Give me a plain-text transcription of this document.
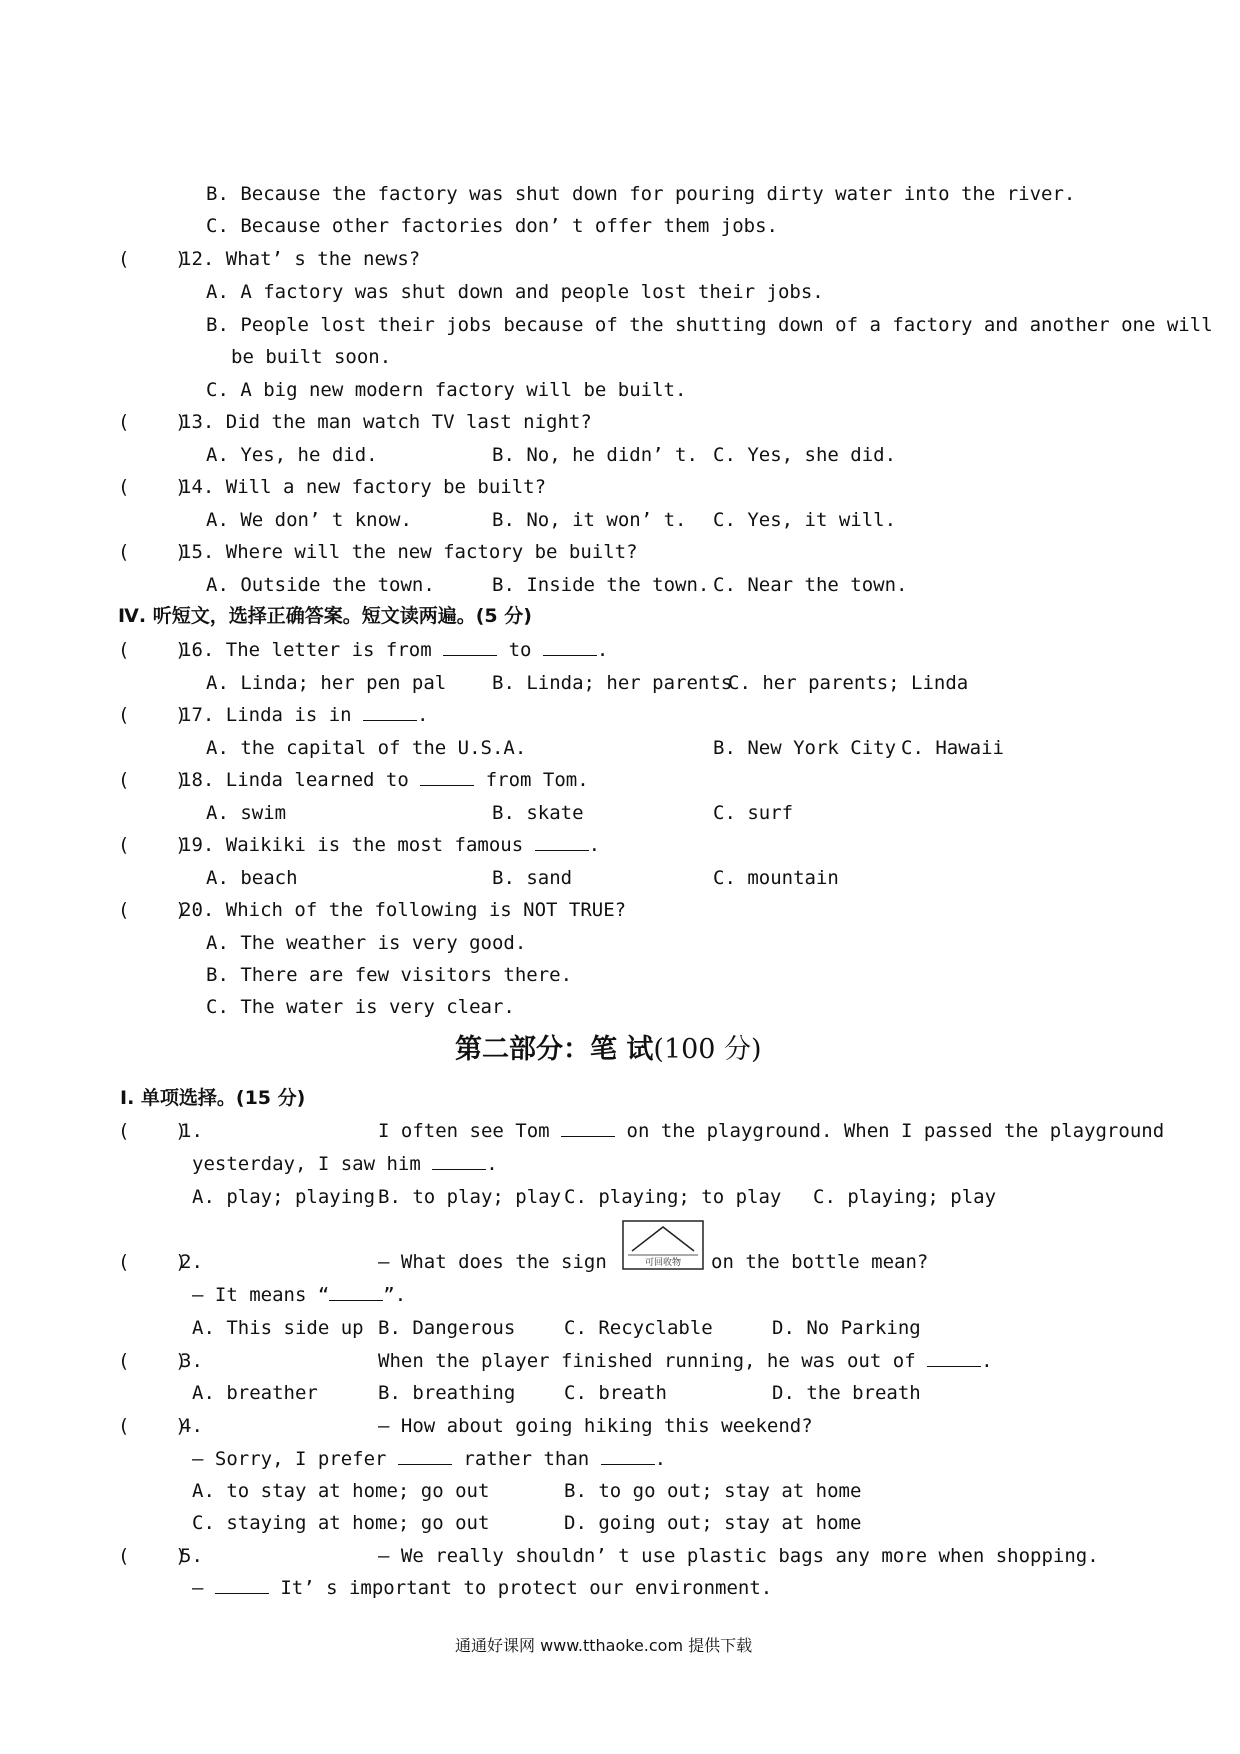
B. Because the factory was shut down for pouring dirty water into the river.
C. Because other factories don’ t offer them jobs.
(    )
12. What’ s the news?
A. A factory was shut down and people lost their jobs.
B. People lost their jobs because of the shutting down of a factory and another one will
be built soon.
C. A big new modern factory will be built.
(    )
13. Did the man watch TV last night?
A. Yes, he did.	B. No, he didn’ t. C. Yes, she did.
(    )
14. Will a new factory be built?
A. We don’ t know.	B. No, it won’ t. C. Yes, it will.
(    )
15. Where will the new factory be built?
A. Outside the town.	B. Inside the town. C. Near the town.
Ⅳ. 听短文，选择正确答案。短文读两遍。(5 分)
(    )
16. The letter is from	to	.
A. Linda; her pen pal B. Linda; her parents
C. her parents; Linda
(    )
17. Linda is in	.
A. the capital of the U.S.A.	B. New York City C. Hawaii
(    )
18. Linda learned to	from Tom.
A. swim	B. skate	C. surf
(    )
19. Waikiki is the most famous	.
A. beach	B. sand	C. mountain
(    )
20. Which of the following is NOT TRUE?
A. The weather is very good.
B. There are few visitors there.
C. The water is very clear.
第二部分：笔 试(100 分)
Ⅰ. 单项选择。(15 分)
(    )
1.	I often see Tom	on the playground. When I passed the playground
yesterday, I saw him	.
A. play; playing B. to play; play C. playing; to play C. playing; play
(    )
2.	— What does the sign	可回收物 on the bottle mean?
— It means “	”.
A. This side up B. Dangerous	C. Recyclable	D. No Parking
(    )
3.	When the player finished running, he was out of	.
A. breather	B. breathing	C. breath	D. the breath
(    )
4.	— How about going hiking this weekend?
— Sorry, I prefer	rather than	.
A. to stay at home; go out	B. to go out; stay at home
C. staying at home; go out	D. going out; stay at home
(    )
5.	— We really shouldn’ t use plastic bags any more when shopping.
—	It’ s important to protect our environment.
通通好课网 www.tthaoke.com 提供下载
